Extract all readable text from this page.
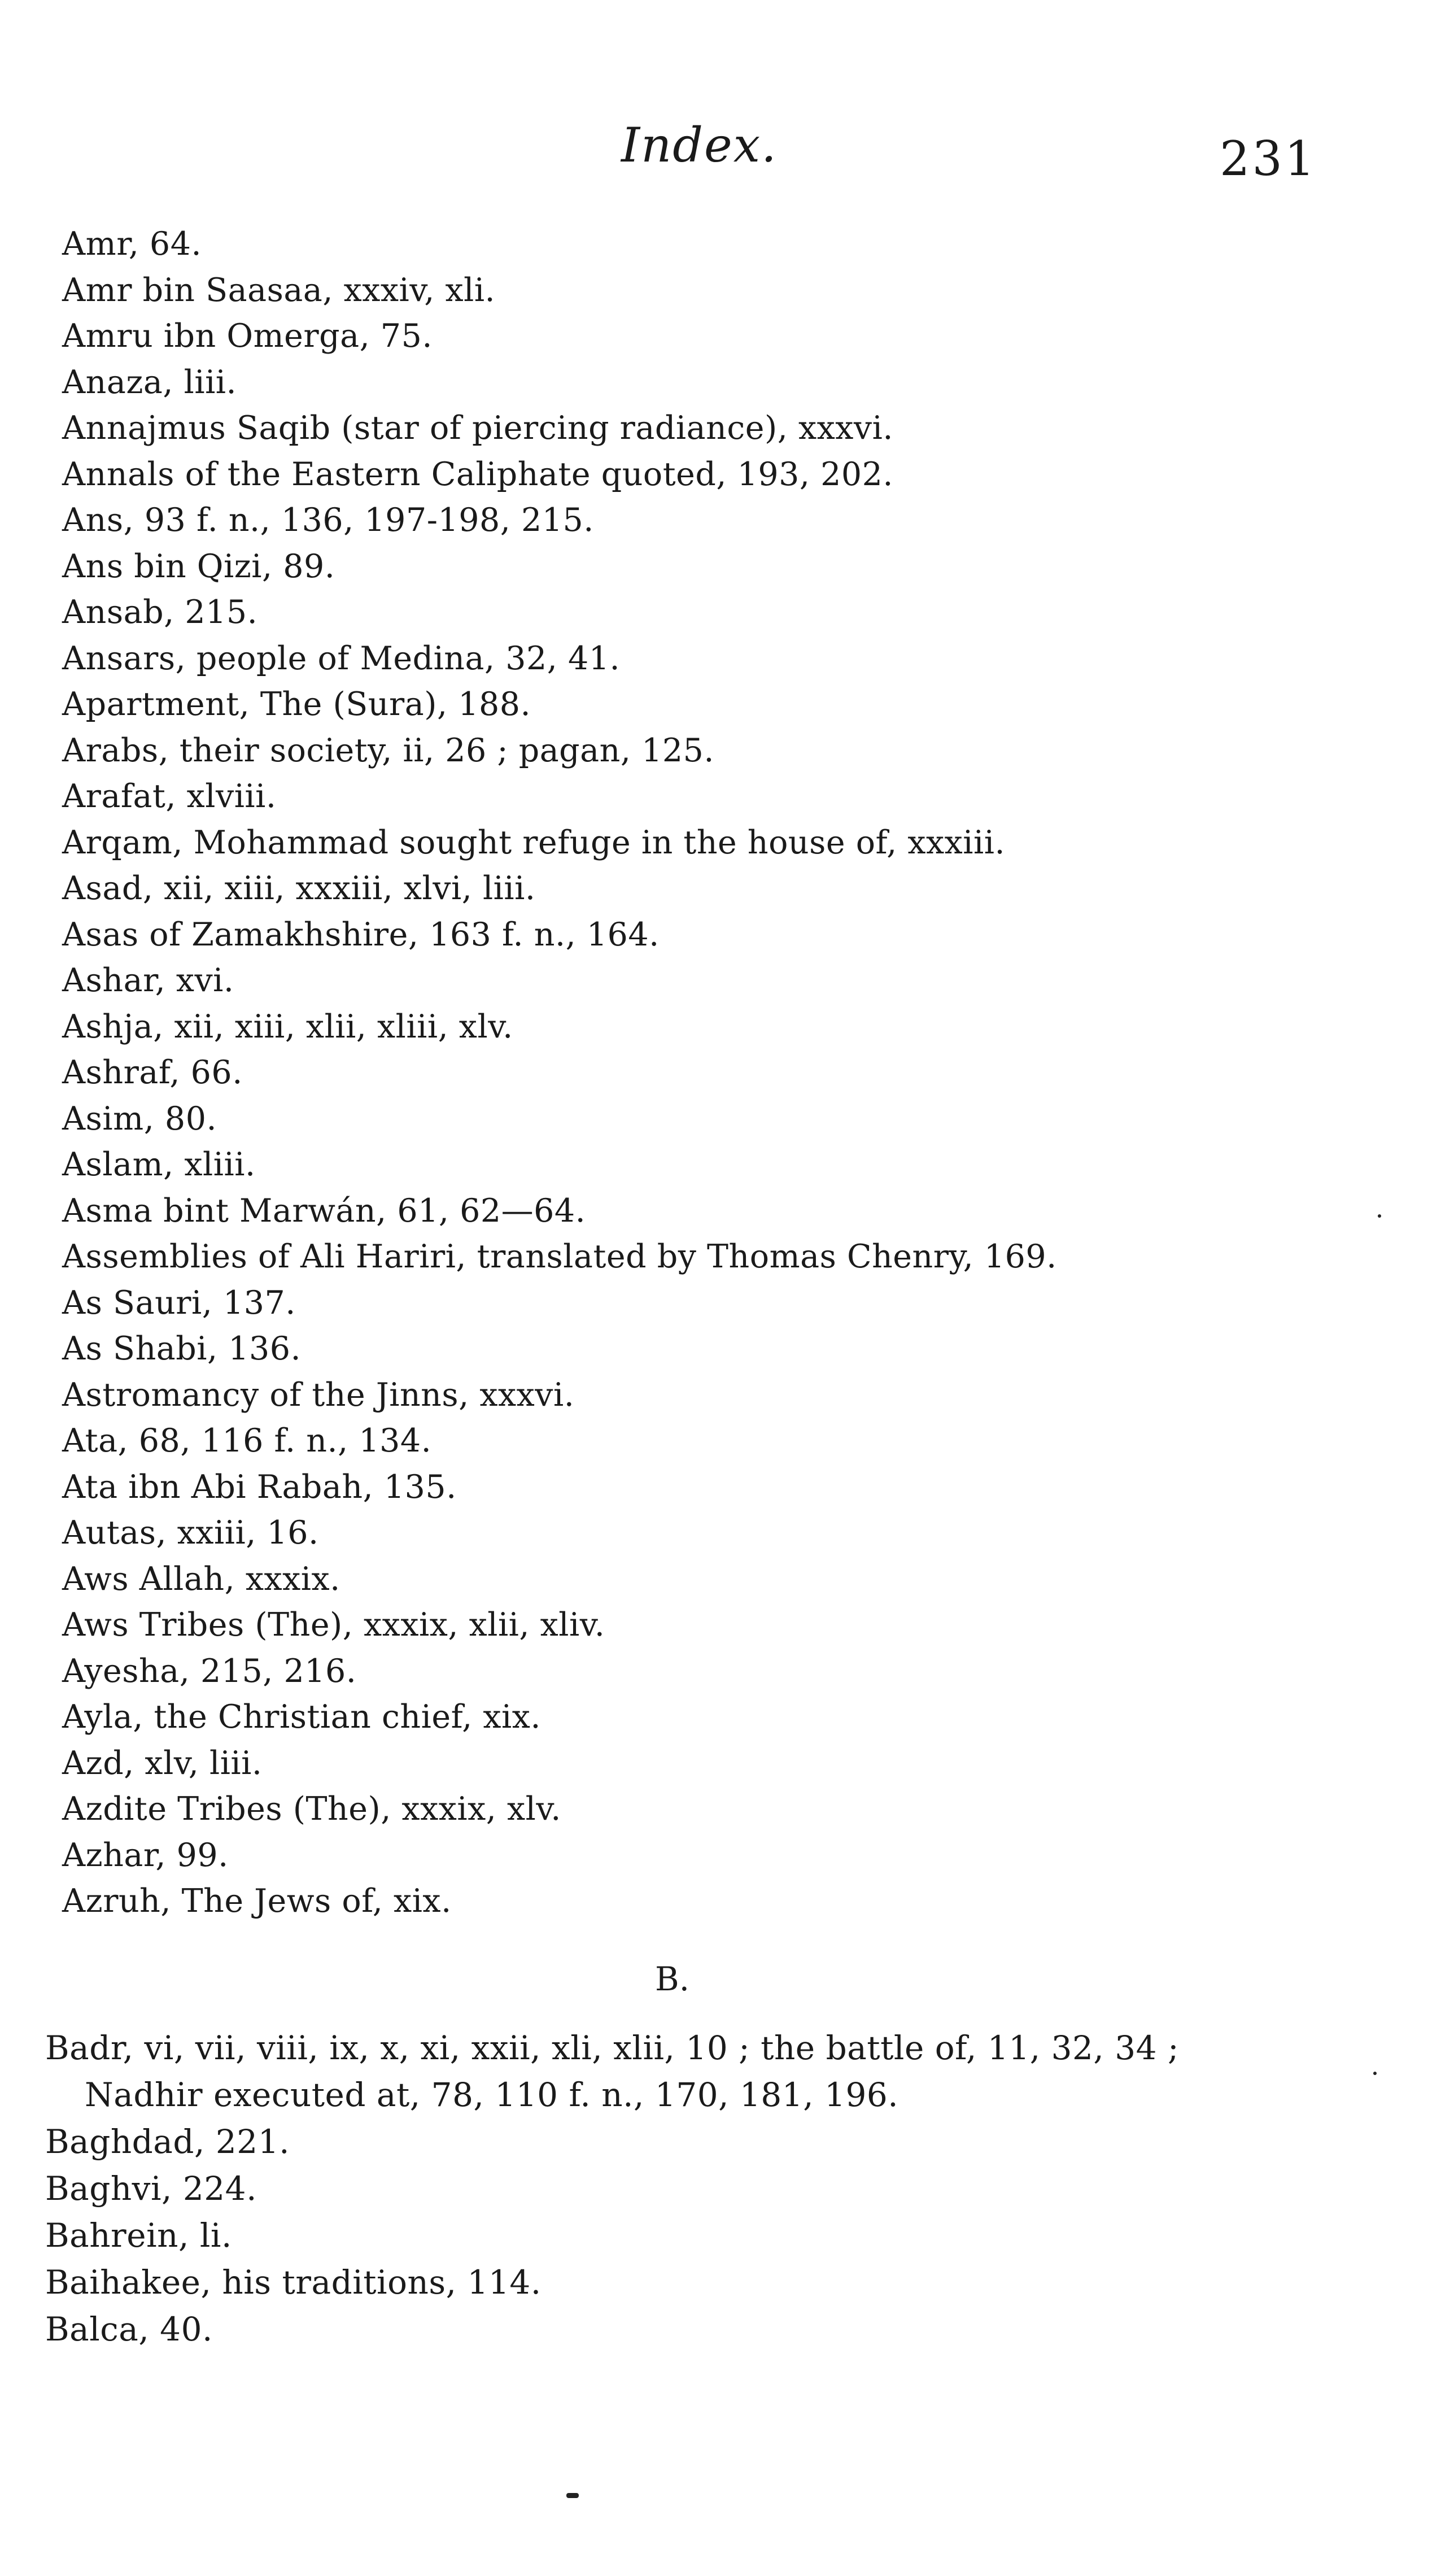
Index.	231
Amr, 64.
Amr bin Saasaa, xxxiv, xli.
Amru ibn Omerga, 75.
Anaza, liii.
Annajmus Saqib (star of piercing radiance), xxxvi.
Annals of the Eastern Caliphate quoted, 193, 202.
Ans, 93 f. n., 136, 197-198, 215.
Ans bin Qizi, 89.
Ansab, 215.
Ansars, people of Medina, 32, 41.
Apartment, The (Sura), 188.
Arabs, their society, ii, 26 ; pagan, 125.
Arafat, xlviii.
Arqam, Mohammad sought refuge in the house of, xxxiii.
Asad, xii, xiii, xxxiii, xlvi, liii.
Asas of Zamakhshire, 163 f. n., 164.
Ashar, xvi.
Ashja, xii, xiii, xlii, xliii, xlv.
Ashraf, 66.
Asim, 80.
Aslam, xliii.
Asma bint Marwán, 61, 62—64.
Assemblies of Ali Hariri, translated by Thomas Chenry, 169.
As Sauri, 137.
As Shabi, 136.
Astromancy of the Jinns, xxxvi.
Ata, 68, 116 f. n., 134.
Ata ibn Abi Rabah, 135.
Autas, xxiii, 16.
Aws Allah, xxxix.
Aws Tribes (The), xxxix, xlii, xliv.
Ayesha, 215, 216.
Ayla, the Christian chief, xix.
Azd, xlv, liii.
Azdite Tribes (The), xxxix, xlv.
Azhar, 99.
Azruh, The Jews of, xix.
B.
Badr, vi, vii, viii, ix, x, xi, xxii, xli, xlii, 10 ; the battle of, 11, 32, 34 ;
Nadhir executed at, 78, 110 f. n., 170, 181, 196.
Baghdad, 221.
Baghvi, 224.
Bahrein, li.
Baihakee, his traditions, 114.
Balca, 40.
